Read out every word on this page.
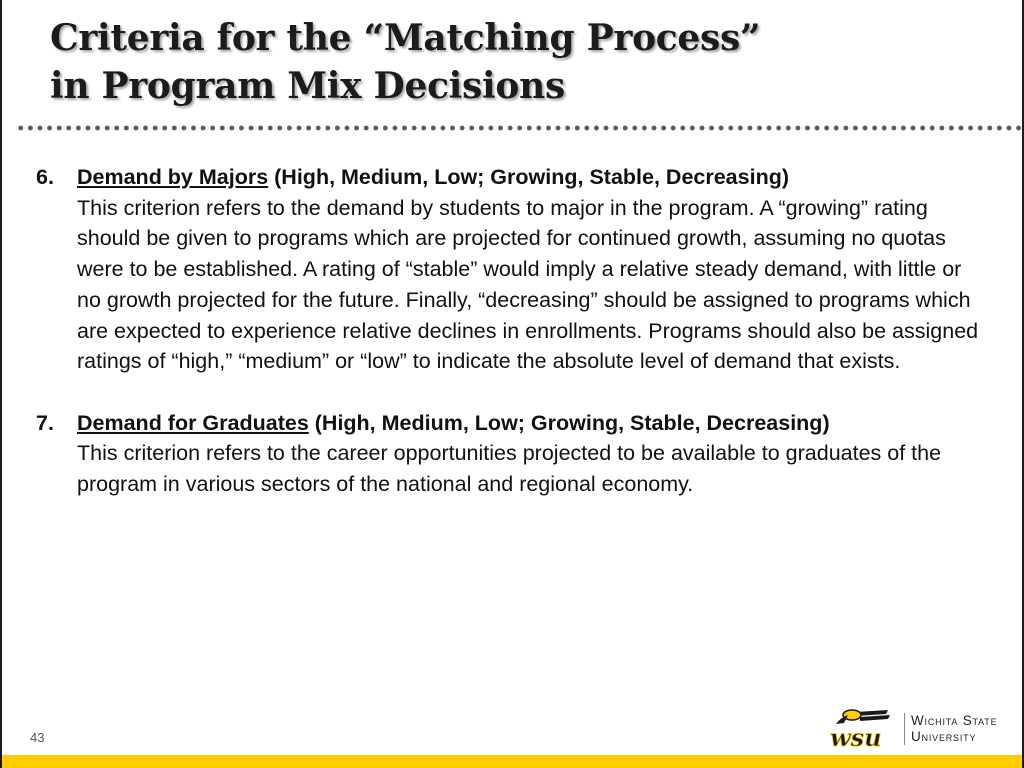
Criteria for the “Matching Process”
in Program Mix Decisions
6.	Demand by Majors (High, Medium, Low; Growing, Stable, Decreasing)
This criterion refers to the demand by students to major in the program. A “growing” rating should be given to programs which are projected for continued growth, assuming no quotas were to be established. A rating of “stable” would imply a relative steady demand, with little or no growth projected for the future. Finally, “decreasing” should be assigned to programs which are expected to experience relative declines in enrollments. Programs should also be assigned ratings of “high,” “medium” or “low” to indicate the absolute level of demand that exists.
7.	Demand for Graduates (High, Medium, Low; Growing, Stable, Decreasing)
This criterion refers to the career opportunities projected to be available to graduates of the program in various sectors of the national and regional economy.
43	wsu
Wichita State
University
